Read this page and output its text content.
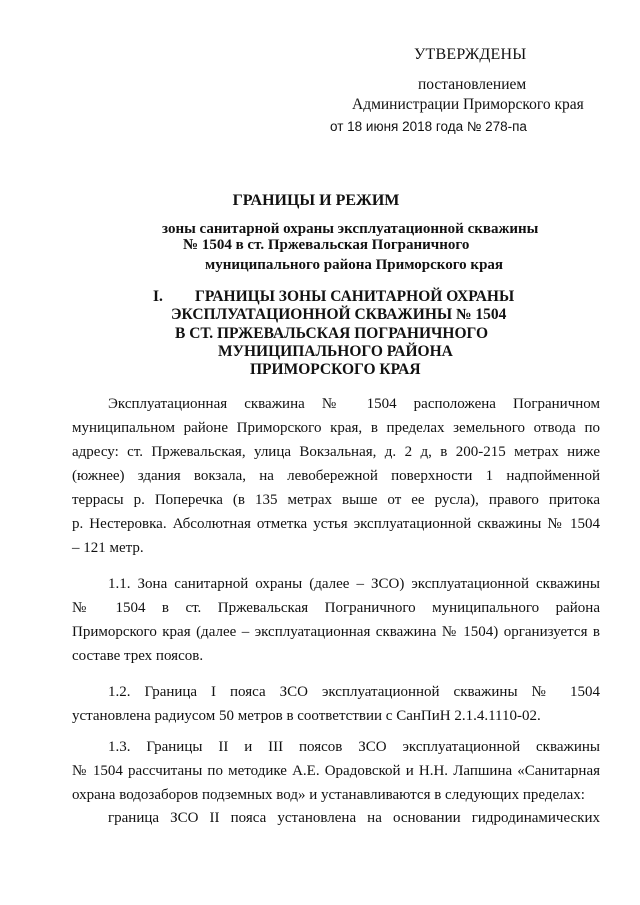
УТВЕРЖДЕНЫ
постановлением
Администрации Приморского края
от 18 июня 2018 года № 278-па
ГРАНИЦЫ И РЕЖИМ
зоны санитарной охраны эксплуатационной скважины
№ 1504 в ст. Пржевальская Пограничного
муниципального района Приморского края
I. ГРАНИЦЫ ЗОНЫ САНИТАРНОЙ ОХРАНЫ
ЭКСПЛУАТАЦИОННОЙ СКВАЖИНЫ № 1504
В СТ. ПРЖЕВАЛЬСКАЯ ПОГРАНИЧНОГО
МУНИЦИПАЛЬНОГО РАЙОНА
ПРИМОРСКОГО КРАЯ
Эксплуатационная скважина № 1504 расположена Пограничном
муниципальном районе Приморского края, в пределах земельного отвода по
адресу: ст. Пржевальская, улица Вокзальная, д. 2 д, в 200-215 метрах ниже
(южнее) здания вокзала, на левобережной поверхности 1 надпойменной
террасы р. Поперечка (в 135 метрах выше от ее русла), правого притока
р. Нестеровка. Абсолютная отметка устья эксплуатационной скважины № 1504
– 121 метр.
1.1. Зона санитарной охраны (далее – ЗСО) эксплуатационной скважины
№ 1504 в ст. Пржевальская Пограничного муниципального района
Приморского края (далее – эксплуатационная скважина № 1504) организуется в
составе трех поясов.
1.2. Граница I пояса ЗСО эксплуатационной скважины № 1504
установлена радиусом 50 метров в соответствии с СанПиН 2.1.4.1110-02.
1.3. Границы II и III поясов ЗСО эксплуатационной скважины
№ 1504 рассчитаны по методике А.Е. Орадовской и Н.Н. Лапшина «Санитарная
охрана водозаборов подземных вод» и устанавливаются в следующих пределах:
граница ЗСО II пояса установлена на основании гидродинамических
